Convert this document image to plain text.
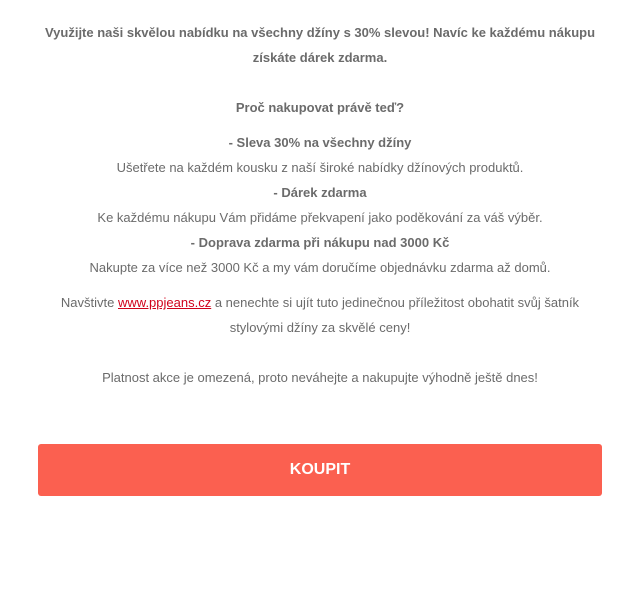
Využijte naši skvělou nabídku na všechny džíny s 30% slevou! Navíc ke každému nákupu

získáte dárek zdarma.

Proč nakupovat právě teď?

- Sleva 30% na všechny džíny

Ušetřete na každém kousku z naší široké nabídky džínových produktů.

- Dárek zdarma

Ke každému nákupu Vám přidáme překvapení jako poděkování za váš výběr.

- Doprava zdarma při nákupu nad 3000 Kč

Nakupte za více než 3000 Kč a my vám doručíme objednávku zdarma až domů.

Navštivte www.ppjeans.cz a nenechte si ujít tuto jedinečnou příležitost obohatit svůj šatník

stylovými džíny za skvělé ceny!

Platnost akce je omezená, proto neváhejte a nakupujte výhodně ještě dnes!

KOUPIT
